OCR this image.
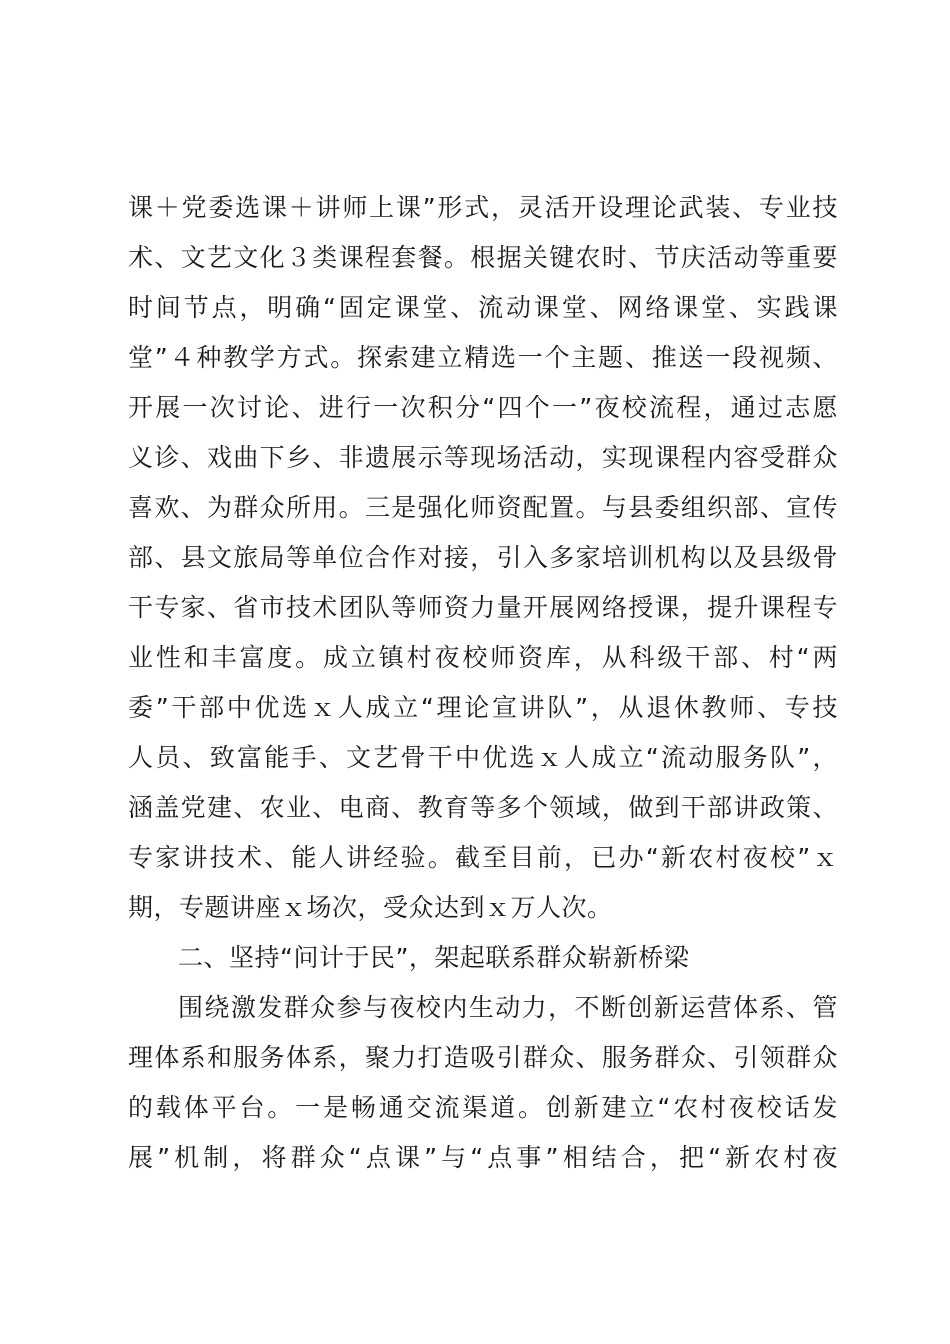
课＋党委选课＋讲师上课”形式，灵活开设理论武装、专业技
术、文艺文化３类课程套餐。根据关键农时、节庆活动等重要
时间节点，明确“固定课堂、流动课堂、网络课堂、实践课
堂”４种教学方式。探索建立精选一个主题、推送一段视频、
开展一次讨论、进行一次积分“四个一”夜校流程，通过志愿
义诊、戏曲下乡、非遗展示等现场活动，实现课程内容受群众
喜欢、为群众所用。三是强化师资配置。与县委组织部、宣传
部、县文旅局等单位合作对接，引入多家培训机构以及县级骨
干专家、省市技术团队等师资力量开展网络授课，提升课程专
业性和丰富度。成立镇村夜校师资库，从科级干部、村“两
委”干部中优选ｘ人成立“理论宣讲队”，从退休教师、专技
人员、致富能手、文艺骨干中优选ｘ人成立“流动服务队”，
涵盖党建、农业、电商、教育等多个领域，做到干部讲政策、
专家讲技术、能人讲经验。截至目前，已办“新农村夜校”ｘ
期，专题讲座ｘ场次，受众达到ｘ万人次。
二、坚持“问计于民”，架起联系群众崭新桥梁
围绕激发群众参与夜校内生动力，不断创新运营体系、管
理体系和服务体系，聚力打造吸引群众、服务群众、引领群众
的载体平台。一是畅通交流渠道。创新建立“农村夜校话发
展”机制，将群众“点课”与“点事”相结合，把“新农村夜
